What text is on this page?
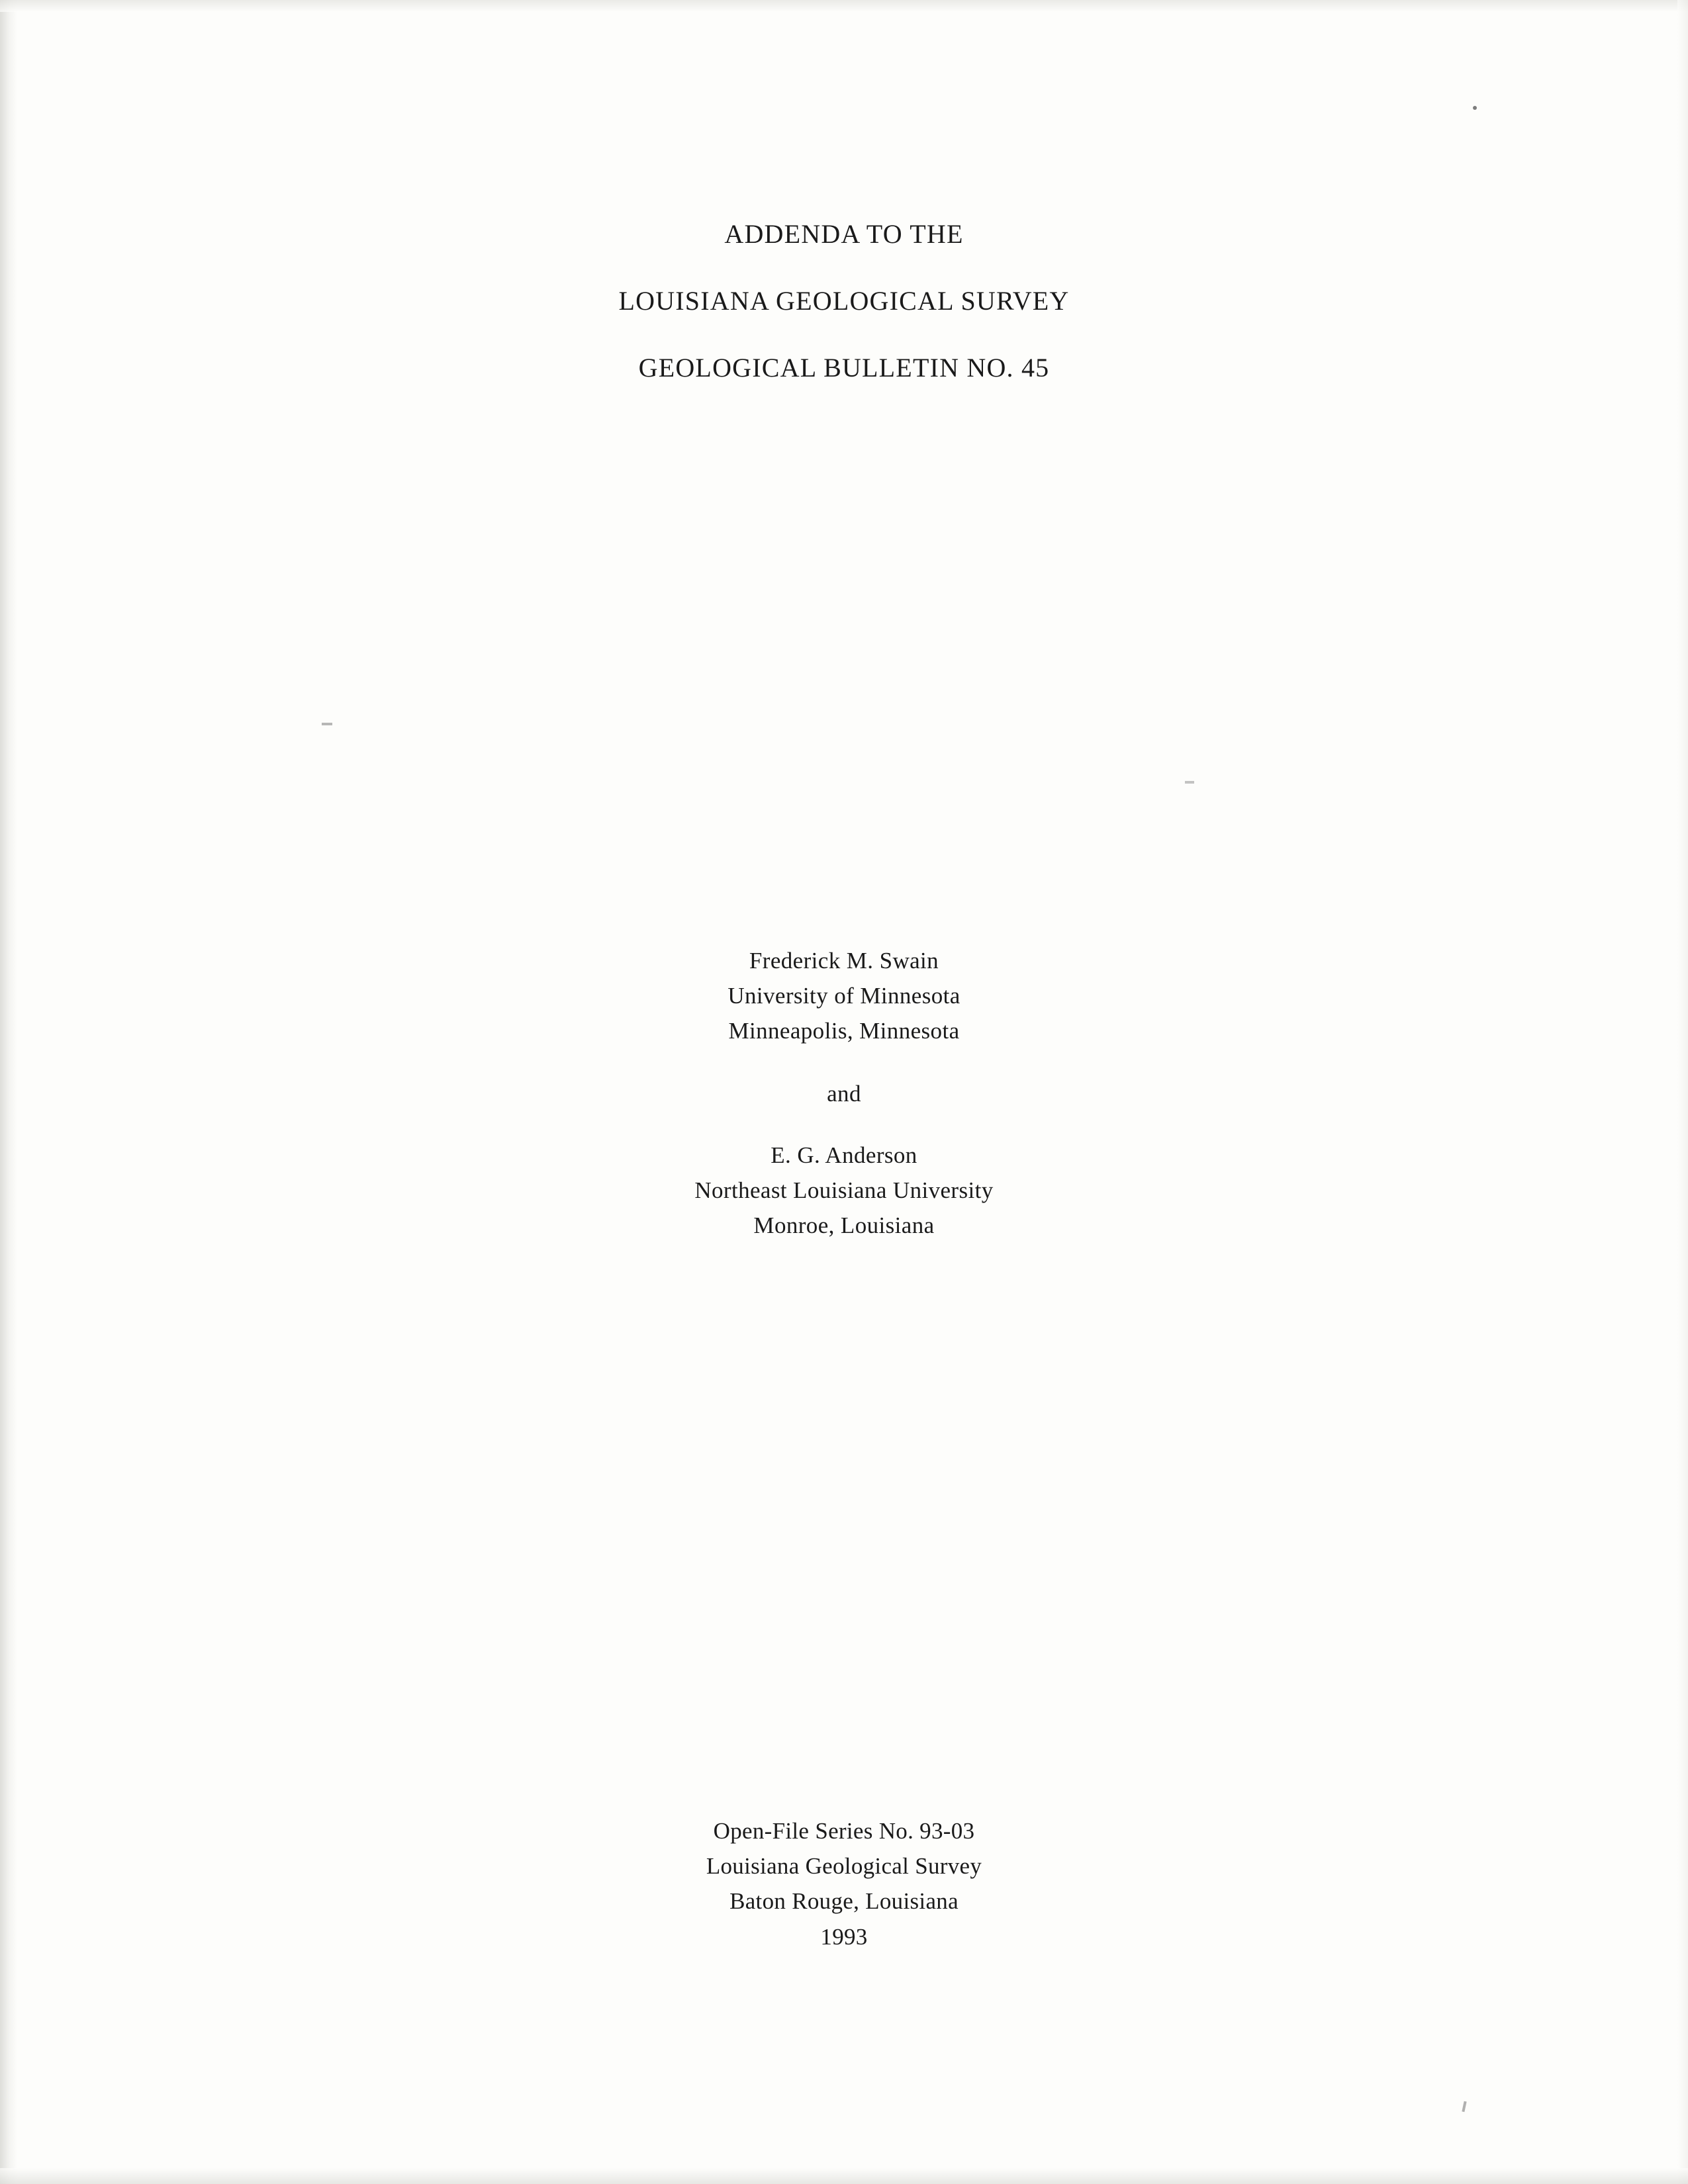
ADDENDA TO THE
LOUISIANA GEOLOGICAL SURVEY
GEOLOGICAL BULLETIN NO. 45
Frederick M. Swain
University of Minnesota
Minneapolis, Minnesota
and
E. G. Anderson
Northeast Louisiana University
Monroe, Louisiana
Open-File Series No. 93-03
Louisiana Geological Survey
Baton Rouge, Louisiana
1993
